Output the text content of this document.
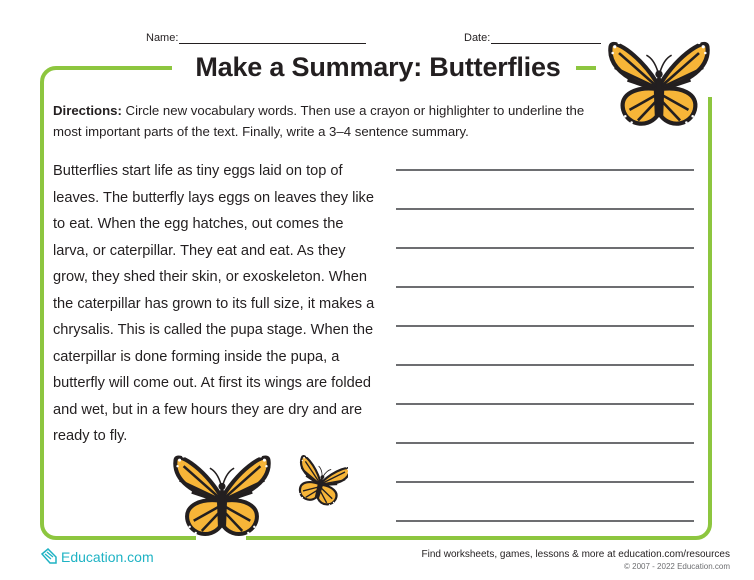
Name:	Date:
Make a Summary: Butterflies

Directions: Circle new vocabulary words. Then use a crayon or highlighter to underline the most important parts of the text. Finally, write a 3–4 sentence summary.

Butterflies start life as tiny eggs laid on top of leaves. The butterfly lays eggs on leaves they like to eat. When the egg hatches, out comes the larva, or caterpillar. They eat and eat. As they grow, they shed their skin, or exoskeleton. When the caterpillar has grown to its full size, it makes a chrysalis. This is called the pupa stage. When the caterpillar is done forming inside the pupa, a butterfly will come out. At first its wings are folded and wet, but in a few hours they are dry and are ready to fly.

Education.com	Find worksheets, games, lessons & more at education.com/resources
© 2007 - 2022 Education.com
